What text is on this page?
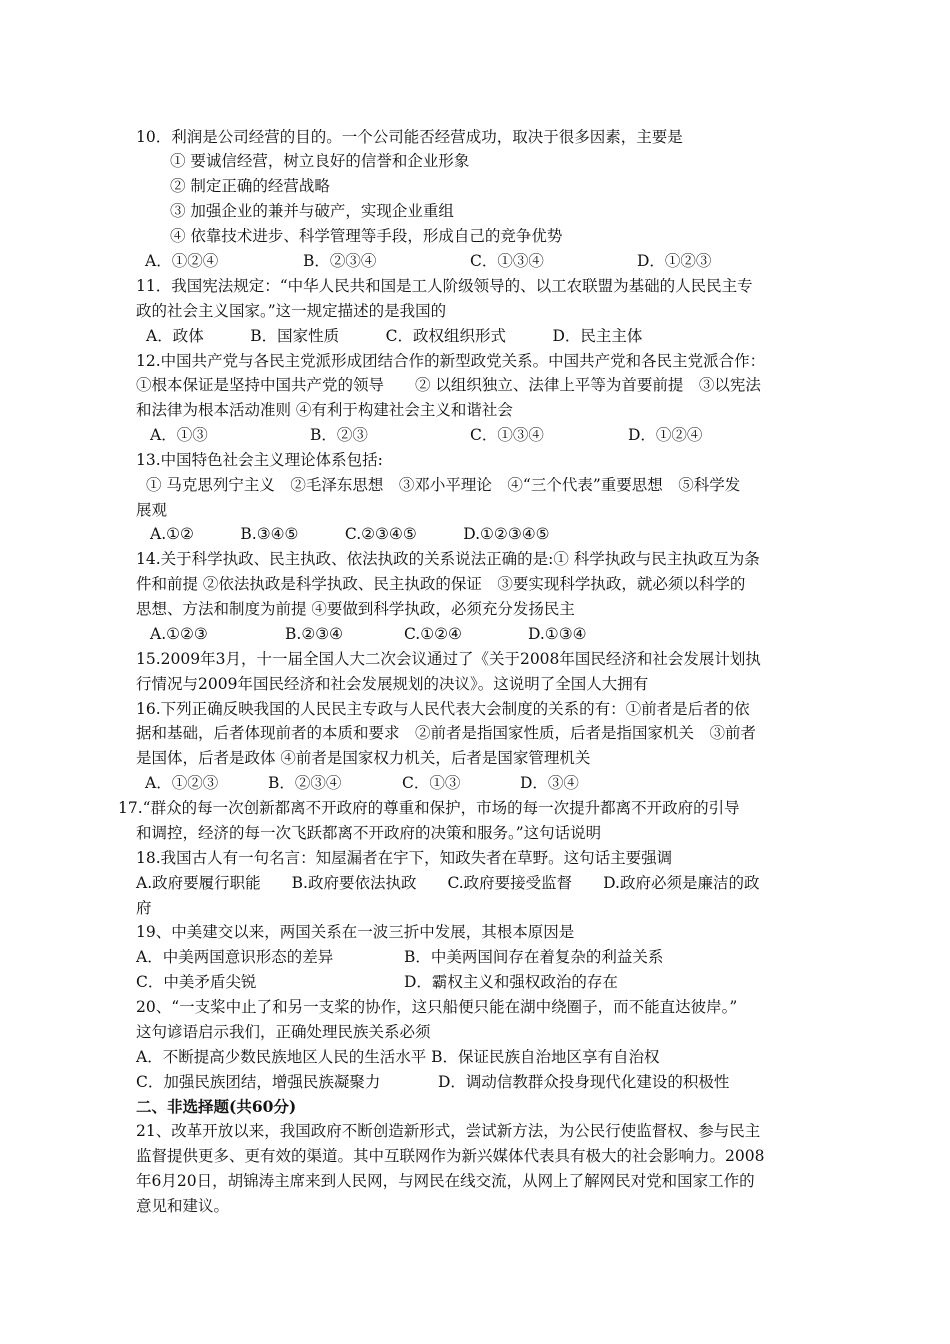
10．利润是公司经营的目的。一个公司能否经营成功，取决于很多因素，主要是
① 要诚信经营，树立良好的信誉和企业形象
② 制定正确的经营战略
③ 加强企业的兼并与破产，实现企业重组
④ 依靠技术进步、科学管理等手段，形成自己的竞争优势
A．①②④	B．②③④	C．①③④	D．①②③
11．我国宪法规定：“中华人民共和国是工人阶级领导的、以工农联盟为基础的人民民主专
政的社会主义国家。”这一规定描述的是我国的
A．政体　　　B．国家性质　　　C．政权组织形式　　　D．民主主体
12.中国共产党与各民主党派形成团结合作的新型政党关系。中国共产党和各民主党派合作：
①根本保证是坚持中国共产党的领导　　② 以组织独立、法律上平等为首要前提　③以宪法
和法律为根本活动准则 ④有利于构建社会主义和谐社会
A．①③	B．②③	C．①③④	D．①②④
13.中国特色社会主义理论体系包括:
① 马克思列宁主义　②毛泽东思想　③邓小平理论　④“三个代表”重要思想　⑤科学发
展观
A.①②　　　B.③④⑤　　　C.②③④⑤　　　D.①②③④⑤
14.关于科学执政、民主执政、依法执政的关系说法正确的是:① 科学执政与民主执政互为条
件和前提 ②依法执政是科学执政、民主执政的保证　③要实现科学执政，就必须以科学的
思想、方法和制度为前提 ④要做到科学执政，必须充分发扬民主
A.①②③	B.②③④	C.①②④	D.①③④
15.2009年3月，十一届全国人大二次会议通过了《关于2008年国民经济和社会发展计划执
行情况与2009年国民经济和社会发展规划的决议》。这说明了全国人大拥有
16.下列正确反映我国的人民民主专政与人民代表大会制度的关系的有：①前者是后者的依
据和基础，后者体现前者的本质和要求　②前者是指国家性质，后者是指国家机关　③前者
是国体，后者是政体 ④前者是国家权力机关，后者是国家管理机关
A．①②③	B．②③④	C．①③	D．③④
17.“群众的每一次创新都离不开政府的尊重和保护，市场的每一次提升都离不开政府的引导
和调控，经济的每一次飞跃都离不开政府的决策和服务。”这句话说明
18.我国古人有一句名言：知屋漏者在宇下，知政失者在草野。这句话主要强调
A.政府要履行职能　　B.政府要依法执政　　C.政府要接受监督　　D.政府必须是廉洁的政
府
19、中美建交以来，两国关系在一波三折中发展，其根本原因是
A．中美两国意识形态的差异	B．中美两国间存在着复杂的利益关系
C．中美矛盾尖锐	D．霸权主义和强权政治的存在
20、“一支桨中止了和另一支桨的协作，这只船便只能在湖中绕圈子，而不能直达彼岸。”
这句谚语启示我们，正确处理民族关系必须
A．不断提高少数民族地区人民的生活水平 B．保证民族自治地区享有自治权
C．加强民族团结，增强民族凝聚力	D．调动信教群众投身现代化建设的积极性
二、非选择题(共60分)
21、改革开放以来，我国政府不断创造新形式，尝试新方法，为公民行使监督权、参与民主
监督提供更多、更有效的渠道。其中互联网作为新兴媒体代表具有极大的社会影响力。2008
年6月20日，胡锦涛主席来到人民网，与网民在线交流，从网上了解网民对党和国家工作的
意见和建议。
